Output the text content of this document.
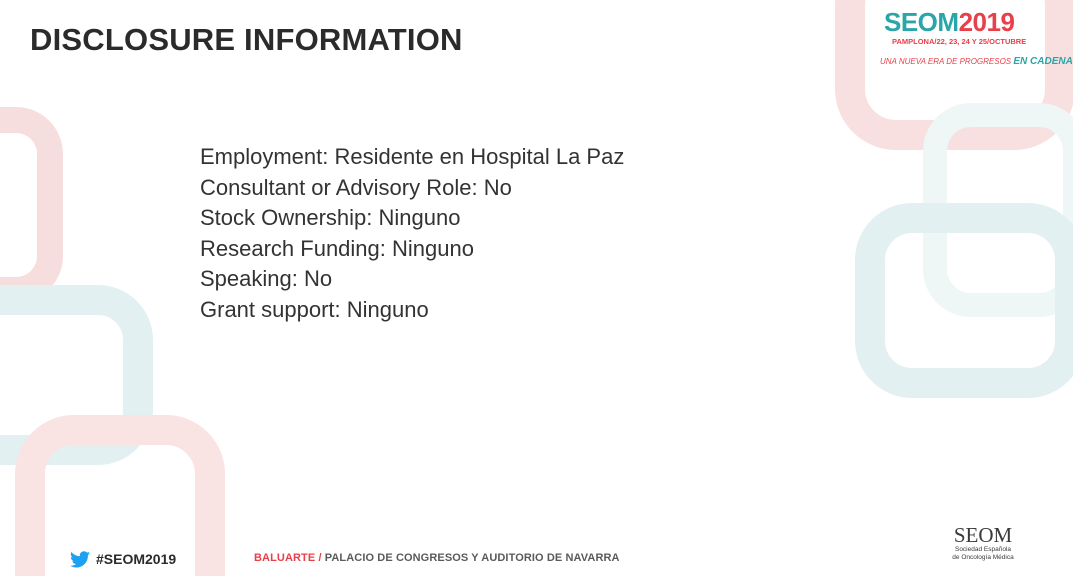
DISCLOSURE INFORMATION
Employment: Residente en Hospital La Paz
Consultant or Advisory Role: No
Stock Ownership: Ninguno
Research Funding: Ninguno
Speaking: No
Grant support: Ninguno
SEOM2019
PAMPLONA/22, 23, 24 Y 25/OCTUBRE
UNA NUEVA ERA DE PROGRESOS EN CADENA
#SEOM2019	BALUARTE / PALACIO DE CONGRESOS Y AUDITORIO DE NAVARRA
SEOM
Sociedad Española
de Oncología Médica
